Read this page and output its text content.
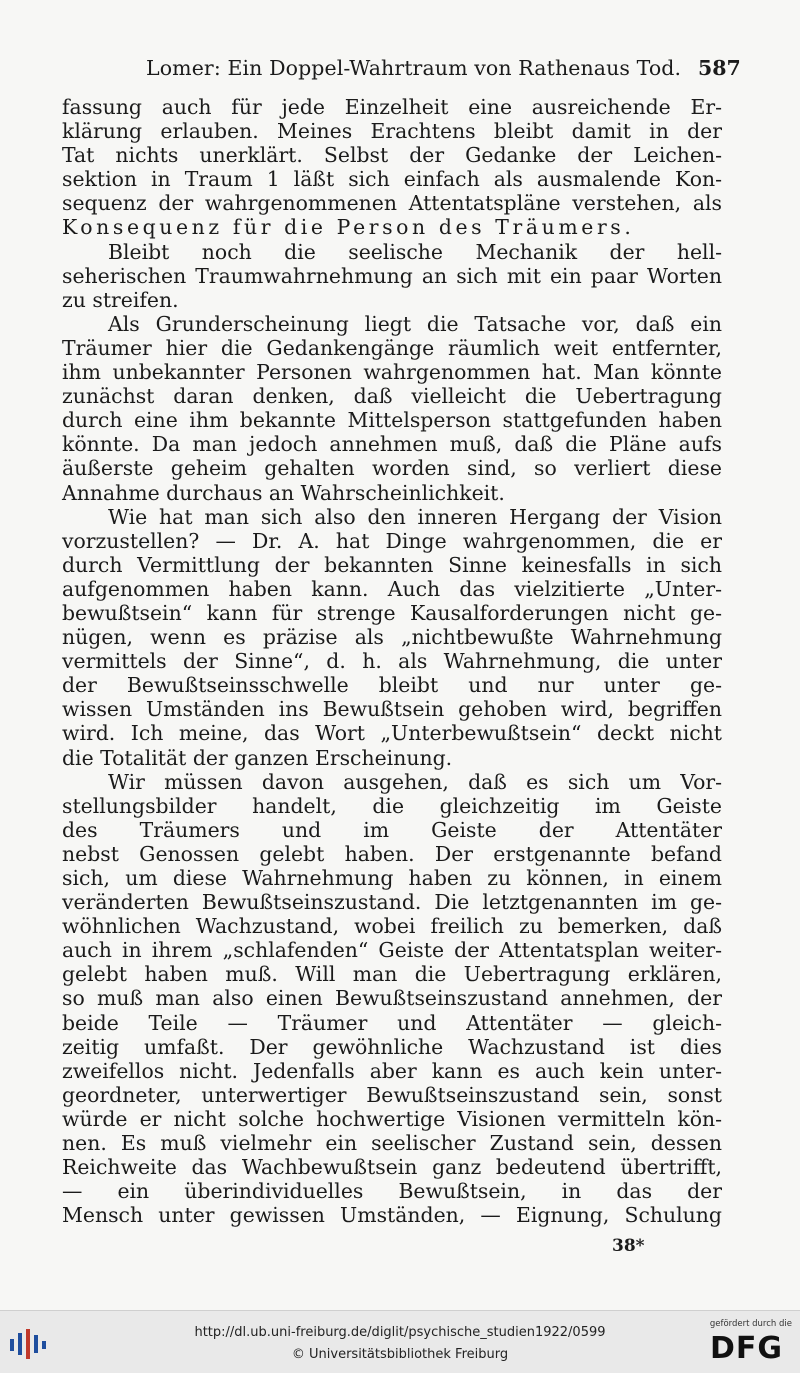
Lomer: Ein Doppel-Wahrtraum von Rathenaus Tod. 587
fassung auch für jede Einzelheit eine ausreichende Er-
klärung erlauben. Meines Erachtens bleibt damit in der
Tat nichts unerklärt. Selbst der Gedanke der Leichen-
sektion in Traum 1 läßt sich einfach als ausmalende Kon-
sequenz der wahrgenommenen Attentatspläne verstehen, als
Konsequenz für die Person des Träumers.
Bleibt noch die seelische Mechanik der hell-
seherischen Traumwahrnehmung an sich mit ein paar Worten
zu streifen.
Als Grunderscheinung liegt die Tatsache vor, daß ein
Träumer hier die Gedankengänge räumlich weit entfernter,
ihm unbekannter Personen wahrgenommen hat. Man könnte
zunächst daran denken, daß vielleicht die Uebertragung
durch eine ihm bekannte Mittelsperson stattgefunden haben
könnte. Da man jedoch annehmen muß, daß die Pläne aufs
äußerste geheim gehalten worden sind, so verliert diese
Annahme durchaus an Wahrscheinlichkeit.
Wie hat man sich also den inneren Hergang der Vision
vorzustellen? — Dr. A. hat Dinge wahrgenommen, die er
durch Vermittlung der bekannten Sinne keinesfalls in sich
aufgenommen haben kann. Auch das vielzitierte „Unter-
bewußtsein“ kann für strenge Kausalforderungen nicht ge-
nügen, wenn es präzise als „nichtbewußte Wahrnehmung
vermittels der Sinne“, d. h. als Wahrnehmung, die unter
der Bewußtseinsschwelle bleibt und nur unter ge-
wissen Umständen ins Bewußtsein gehoben wird, begriffen
wird. Ich meine, das Wort „Unterbewußtsein“ deckt nicht
die Totalität der ganzen Erscheinung.
Wir müssen davon ausgehen, daß es sich um Vor-
stellungsbilder handelt, die gleichzeitig im Geiste
des Träumers und im Geiste der Attentäter
nebst Genossen gelebt haben. Der erstgenannte befand
sich, um diese Wahrnehmung haben zu können, in einem
veränderten Bewußtseinszustand. Die letztgenannten im ge-
wöhnlichen Wachzustand, wobei freilich zu bemerken, daß
auch in ihrem „schlafenden“ Geiste der Attentatsplan weiter-
gelebt haben muß. Will man die Uebertragung erklären,
so muß man also einen Bewußtseinszustand annehmen, der
beide Teile — Träumer und Attentäter — gleich-
zeitig umfaßt. Der gewöhnliche Wachzustand ist dies
zweifellos nicht. Jedenfalls aber kann es auch kein unter-
geordneter, unterwertiger Bewußtseinszustand sein, sonst
würde er nicht solche hochwertige Visionen vermitteln kön-
nen. Es muß vielmehr ein seelischer Zustand sein, dessen
Reichweite das Wachbewußtsein ganz bedeutend übertrifft,
— ein überindividuelles Bewußtsein, in das der
Mensch unter gewissen Umständen, — Eignung, Schulung
38*
http://dl.ub.uni-freiburg.de/diglit/psychische_studien1922/0599
© Universitätsbibliothek Freiburg
gefördert durch die
DFG
